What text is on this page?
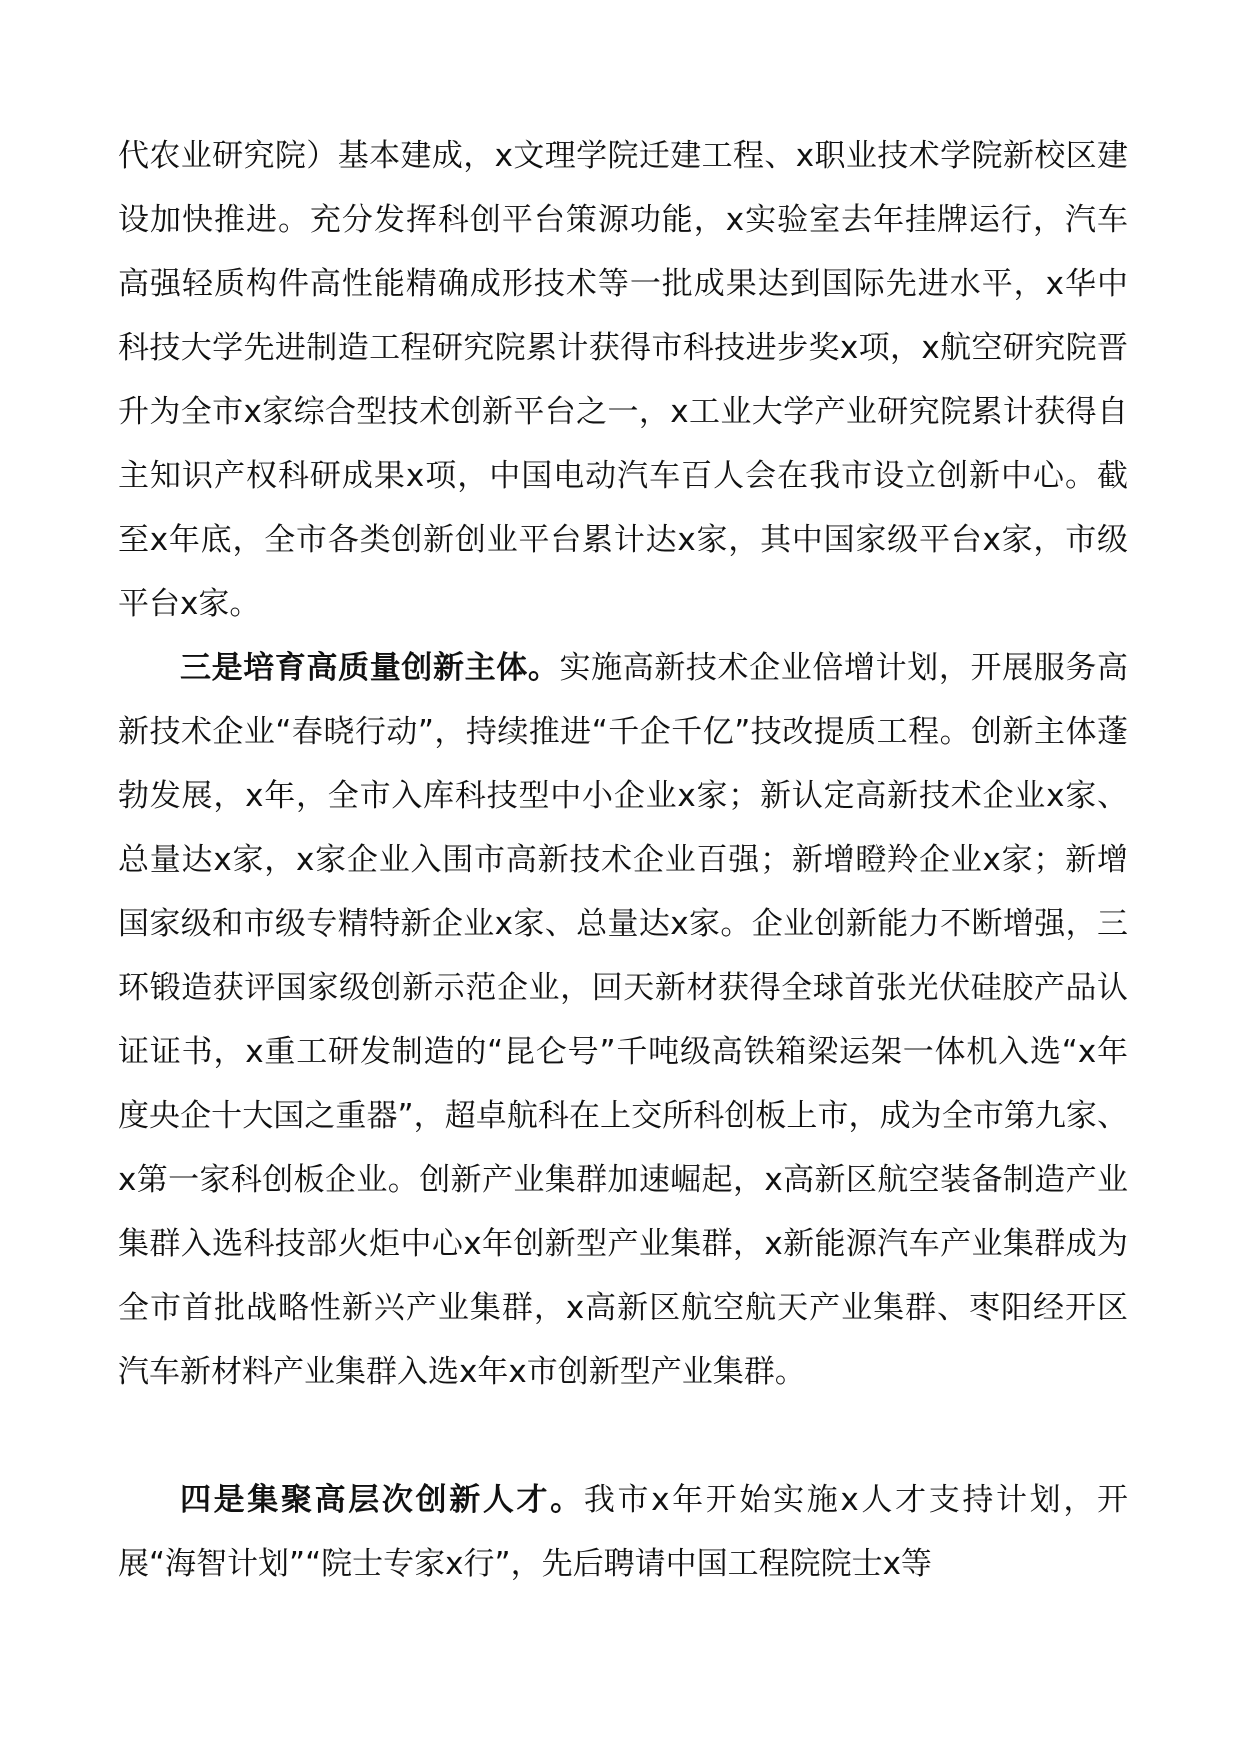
代农业研究院）基本建成，x文理学院迁建工程、x职业技术学院新校区建设加快推进。充分发挥科创平台策源功能，x实验室去年挂牌运行，汽车高强轻质构件高性能精确成形技术等一批成果达到国际先进水平，x华中科技大学先进制造工程研究院累计获得市科技进步奖x项，x航空研究院晋升为全市x家综合型技术创新平台之一，x工业大学产业研究院累计获得自主知识产权科研成果x项，中国电动汽车百人会在我市设立创新中心。截至x年底，全市各类创新创业平台累计达x家，其中国家级平台x家，市级平台x家。

三是培育高质量创新主体。实施高新技术企业倍增计划，开展服务高新技术企业“春晓行动”，持续推进“千企千亿”技改提质工程。创新主体蓬勃发展，x年，全市入库科技型中小企业x家；新认定高新技术企业x家、总量达x家，x家企业入围市高新技术企业百强；新增瞪羚企业x家；新增国家级和市级专精特新企业x家、总量达x家。企业创新能力不断增强，三环锻造获评国家级创新示范企业，回天新材获得全球首张光伏硅胶产品认证证书，x重工研发制造的“昆仑号”千吨级高铁箱梁运架一体机入选“x年度央企十大国之重器”，超卓航科在上交所科创板上市，成为全市第九家、x第一家科创板企业。创新产业集群加速崛起，x高新区航空装备制造产业集群入选科技部火炬中心x年创新型产业集群，x新能源汽车产业集群成为全市首批战略性新兴产业集群，x高新区航空航天产业集群、枣阳经开区汽车新材料产业集群入选x年x市创新型产业集群。

四是集聚高层次创新人才。我市x年开始实施x人才支持计划，开展“海智计划”“院士专家x行”，先后聘请中国工程院院士x等
